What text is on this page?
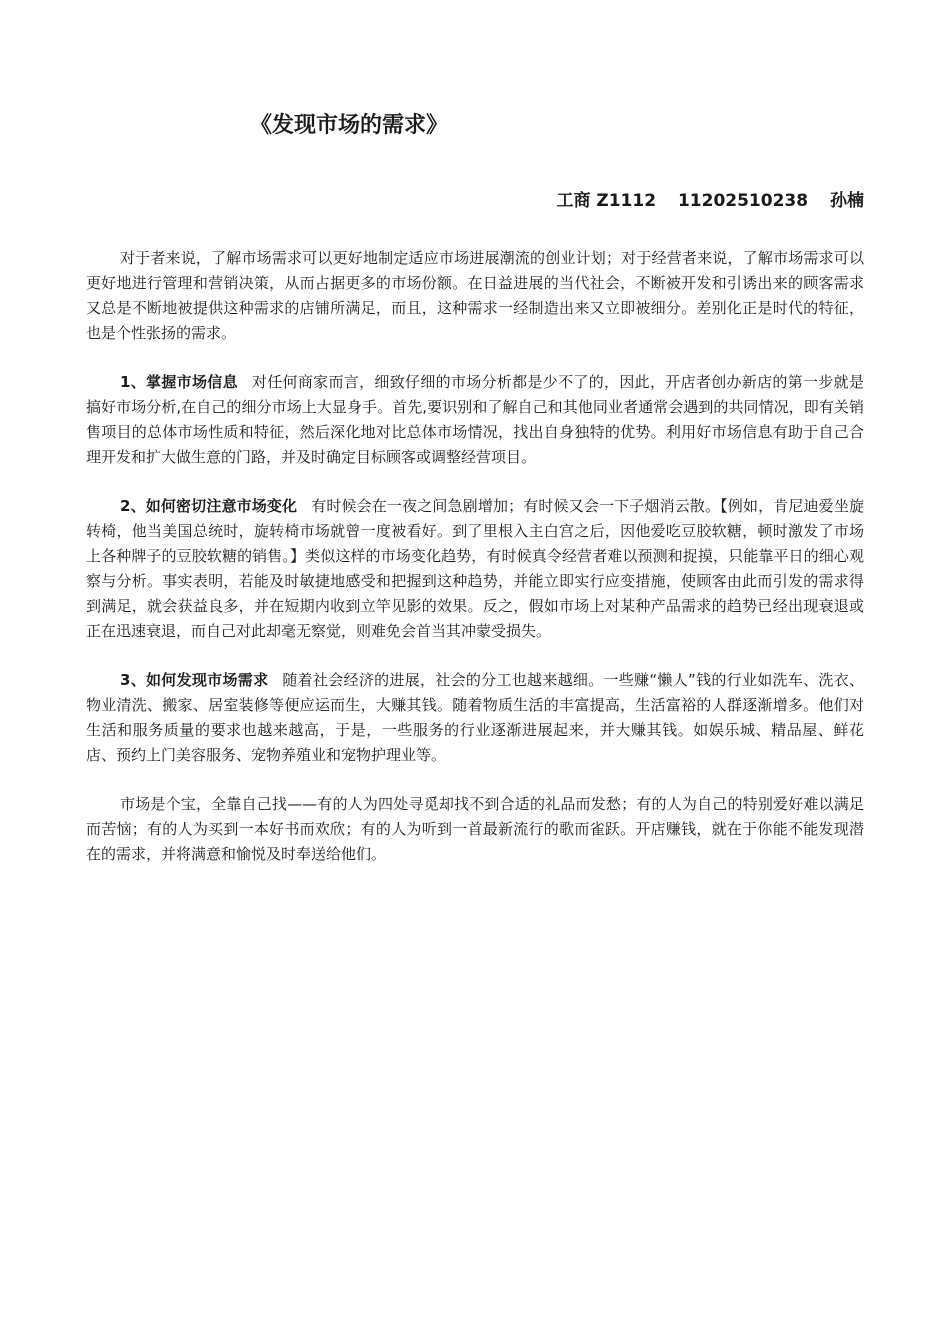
《发现市场的需求》
工商 Z1112 11202510238 孙楠

对于者来说，了解市场需求可以更好地制定适应市场进展潮流的创业计划；对于经营者来说，了解市场需求可以更好地进行管理和营销决策，从而占据更多的市场份额。在日益进展的当代社会，不断被开发和引诱出来的顾客需求又总是不断地被提供这种需求的店铺所满足，而且，这种需求一经制造出来又立即被细分。差别化正是时代的特征，也是个性张扬的需求。

1、掌握市场信息 对任何商家而言，细致仔细的市场分析都是少不了的，因此，开店者创办新店的第一步就是搞好市场分析,在自己的细分市场上大显身手。首先,要识别和了解自己和其他同业者通常会遇到的共同情况，即有关销售项目的总体市场性质和特征，然后深化地对比总体市场情况，找出自身独特的优势。利用好市场信息有助于自己合理开发和扩大做生意的门路，并及时确定目标顾客或调整经营项目。

2、如何密切注意市场变化 有时候会在一夜之间急剧增加；有时候又会一下子烟消云散。【例如，肯尼迪爱坐旋转椅，他当美国总统时，旋转椅市场就曾一度被看好。到了里根入主白宫之后，因他爱吃豆胶软糖，顿时激发了市场上各种牌子的豆胶软糖的销售。】类似这样的市场变化趋势，有时候真令经营者难以预测和捉摸，只能靠平日的细心观察与分析。事实表明，若能及时敏捷地感受和把握到这种趋势，并能立即实行应变措施，使顾客由此而引发的需求得到满足，就会获益良多，并在短期内收到立竿见影的效果。反之，假如市场上对某种产品需求的趋势已经出现衰退或正在迅速衰退，而自己对此却毫无察觉，则难免会首当其冲蒙受损失。

3、如何发现市场需求 随着社会经济的进展，社会的分工也越来越细。一些赚“懒人”钱的行业如洗车、洗衣、物业清洗、搬家、居室装修等便应运而生，大赚其钱。随着物质生活的丰富提高，生活富裕的人群逐渐增多。他们对生活和服务质量的要求也越来越高，于是，一些服务的行业逐渐进展起来，并大赚其钱。如娱乐城、精品屋、鲜花店、预约上门美容服务、宠物养殖业和宠物护理业等。

市场是个宝，全靠自己找——有的人为四处寻觅却找不到合适的礼品而发愁；有的人为自己的特别爱好难以满足而苦恼；有的人为买到一本好书而欢欣；有的人为听到一首最新流行的歌而雀跃。开店赚钱，就在于你能不能发现潜在的需求，并将满意和愉悦及时奉送给他们。
